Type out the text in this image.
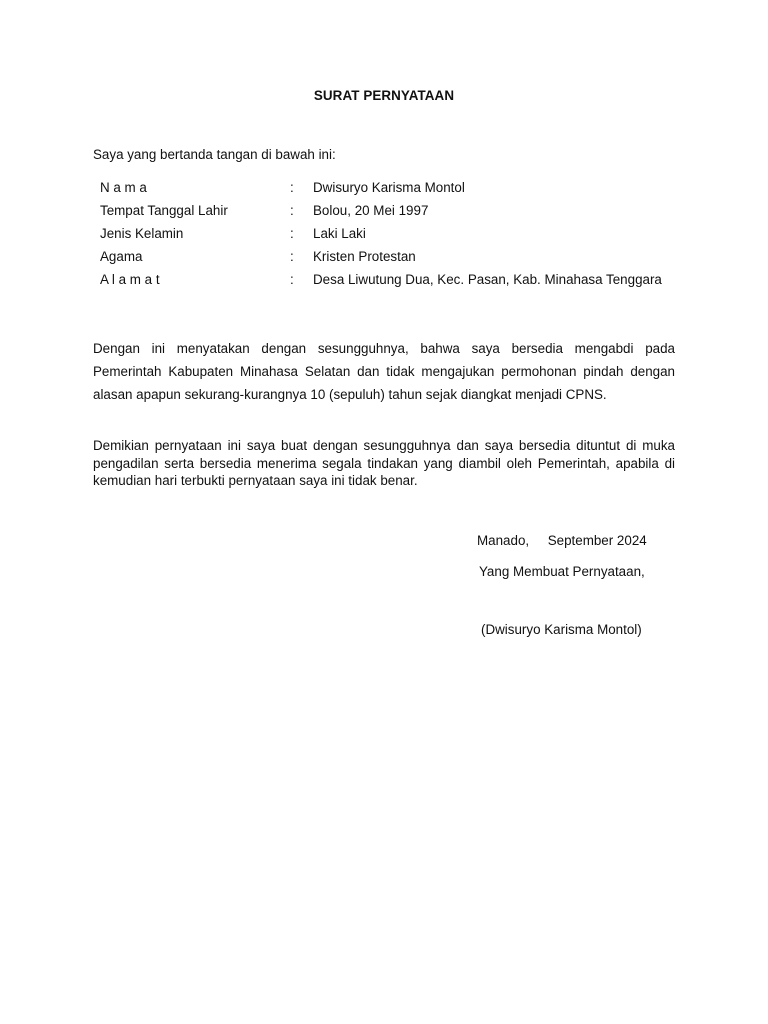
SURAT PERNYATAAN
Saya yang bertanda tangan di bawah ini:
N a m a	: Dwisuryo Karisma Montol
Tempat Tanggal Lahir	: Bolou, 20 Mei 1997
Jenis Kelamin	: Laki Laki
Agama	: Kristen Protestan
A l a m a t	: Desa Liwutung Dua, Kec. Pasan, Kab. Minahasa Tenggara
Dengan ini menyatakan dengan sesungguhnya, bahwa saya bersedia mengabdi pada Pemerintah Kabupaten Minahasa Selatan dan tidak mengajukan permohonan pindah dengan alasan apapun sekurang-kurangnya 10 (sepuluh) tahun sejak diangkat menjadi CPNS.
Demikian pernyataan ini saya buat dengan sesungguhnya dan saya bersedia dituntut di muka pengadilan serta bersedia menerima segala tindakan yang diambil oleh Pemerintah, apabila di kemudian hari terbukti pernyataan saya ini tidak benar.
Manado,     September 2024
Yang Membuat Pernyataan,
(Dwisuryo Karisma Montol)
